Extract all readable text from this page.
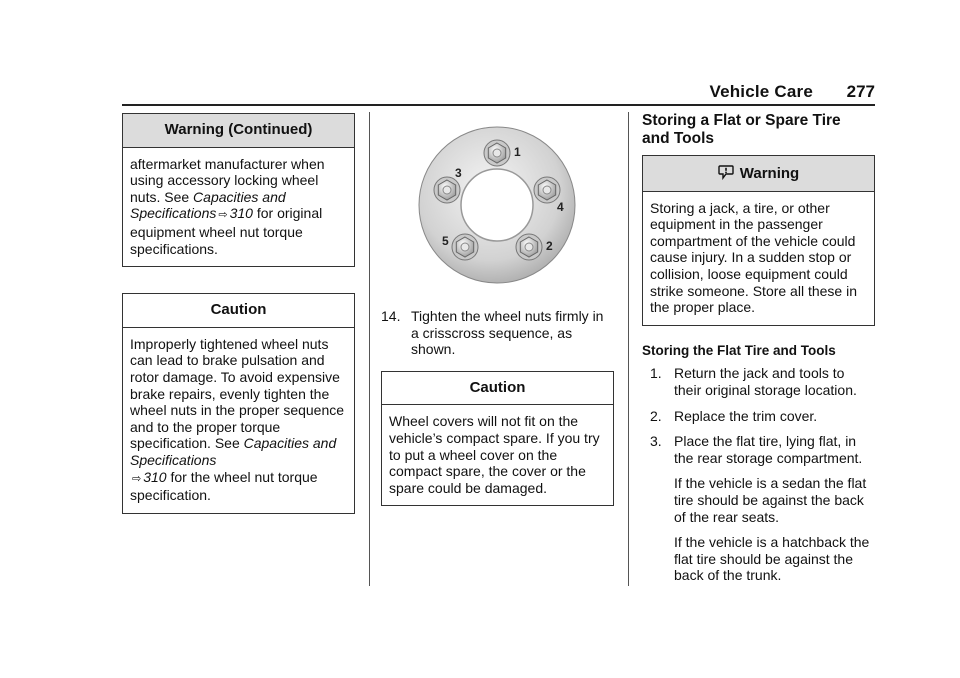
Vehicle Care 277
Warning (Continued)
aftermarket manufacturer when using accessory locking wheel nuts. See Capacities and Specifications ⇨ 310 for original equipment wheel nut torque specifications.
Caution
Improperly tightened wheel nuts can lead to brake pulsation and rotor damage. To avoid expensive brake repairs, evenly tighten the wheel nuts in the proper sequence and to the proper torque specification. See Capacities and Specifications
⇨ 310 for the wheel nut torque specification.
1
2
3
4
5
14. Tighten the wheel nuts firmly in a crisscross sequence, as shown.
Caution
Wheel covers will not fit on the vehicle’s compact spare. If you try to put a wheel cover on the compact spare, the cover or the spare could be damaged.
Storing a Flat or Spare Tire and Tools
Warning
Storing a jack, a tire, or other equipment in the passenger compartment of the vehicle could cause injury. In a sudden stop or collision, loose equipment could strike someone. Store all these in the proper place.
Storing the Flat Tire and Tools
1. Return the jack and tools to their original storage location.
2. Replace the trim cover.
3. Place the flat tire, lying flat, in the rear storage compartment.
If the vehicle is a sedan the flat tire should be against the back of the rear seats.
If the vehicle is a hatchback the flat tire should be against the back of the trunk.
